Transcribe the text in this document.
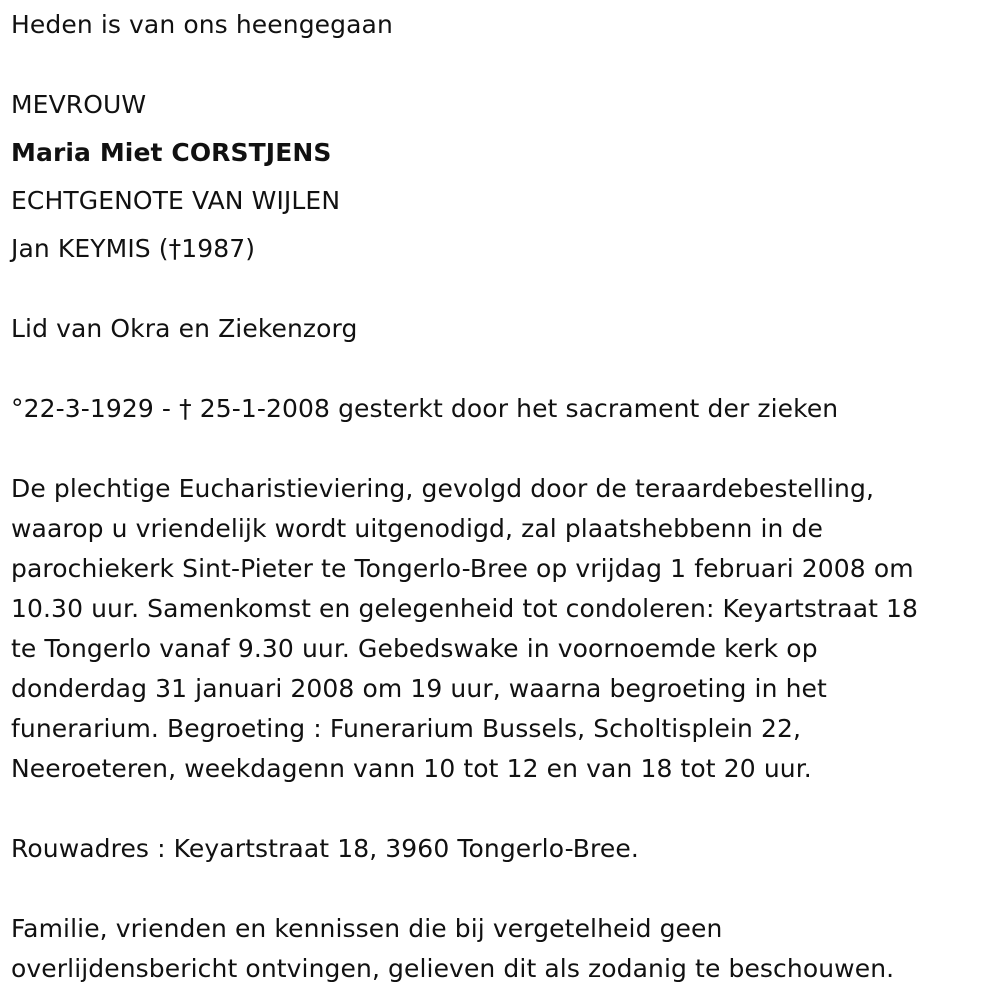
Heden is van ons heengegaan
MEVROUW
Maria Miet CORSTJENS
ECHTGENOTE VAN WIJLEN
Jan KEYMIS (†1987)
Lid van Okra en Ziekenzorg
°22-3-1929 - † 25-1-2008 gesterkt door het sacrament der zieken
De plechtige Eucharistieviering, gevolgd door de teraardebestelling,
waarop u vriendelijk wordt uitgenodigd, zal plaatshebbenn in de
parochiekerk Sint-Pieter te Tongerlo-Bree op vrijdag 1 februari 2008 om
10.30 uur. Samenkomst en gelegenheid tot condoleren: Keyartstraat 18
te Tongerlo vanaf 9.30 uur. Gebedswake in voornoemde kerk op
donderdag 31 januari 2008 om 19 uur, waarna begroeting in het
funerarium. Begroeting : Funerarium Bussels, Scholtisplein 22,
Neeroeteren, weekdagenn vann 10 tot 12 en van 18 tot 20 uur.
Rouwadres : Keyartstraat 18, 3960 Tongerlo-Bree.
Familie, vrienden en kennissen die bij vergetelheid geen
overlijdensbericht ontvingen, gelieven dit als zodanig te beschouwen.
